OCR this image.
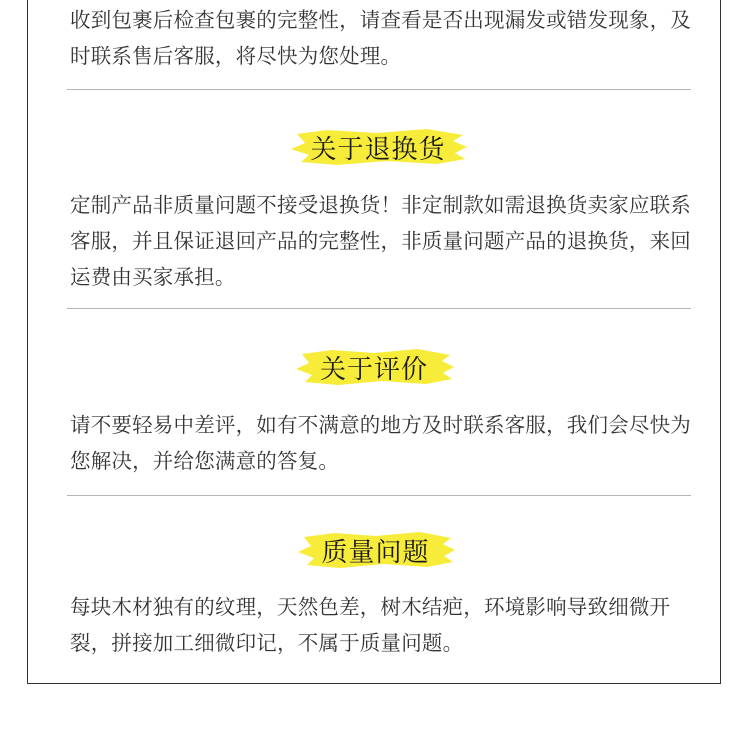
收到包裹后检查包裹的完整性，请查看是否出现漏发或错发现象，及时联系售后客服，将尽快为您处理。

关于退换货

定制产品非质量问题不接受退换货！非定制款如需退换货卖家应联系客服，并且保证退回产品的完整性，非质量问题产品的退换货，来回运费由买家承担。

关于评价

请不要轻易中差评，如有不满意的地方及时联系客服，我们会尽快为您解决，并给您满意的答复。

质量问题

每块木材独有的纹理，天然色差，树木结疤，环境影响导致细微开裂，拼接加工细微印记，不属于质量问题。
